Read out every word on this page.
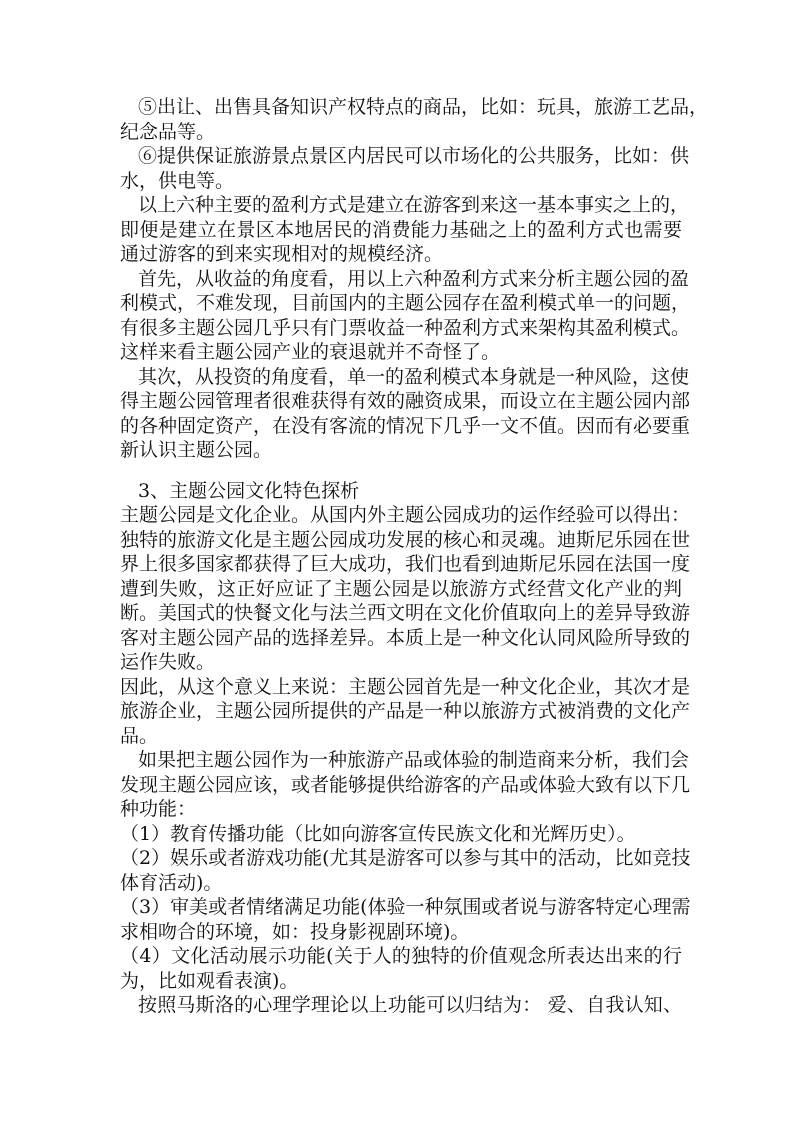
⑤出让、出售具备知识产权特点的商品，比如：玩具，旅游工艺品，
纪念品等。
⑥提供保证旅游景点景区内居民可以市场化的公共服务，比如：供
水，供电等。
以上六种主要的盈利方式是建立在游客到来这一基本事实之上的，
即便是建立在景区本地居民的消费能力基础之上的盈利方式也需要
通过游客的到来实现相对的规模经济。
首先，从收益的角度看，用以上六种盈利方式来分析主题公园的盈
利模式，不难发现，目前国内的主题公园存在盈利模式单一的问题，
有很多主题公园几乎只有门票收益一种盈利方式来架构其盈利模式。
这样来看主题公园产业的衰退就并不奇怪了。
其次，从投资的角度看，单一的盈利模式本身就是一种风险，这使
得主题公园管理者很难获得有效的融资成果，而设立在主题公园内部
的各种固定资产，在没有客流的情况下几乎一文不值。因而有必要重
新认识主题公园。
3、主题公园文化特色探析
主题公园是文化企业。从国内外主题公园成功的运作经验可以得出：
独特的旅游文化是主题公园成功发展的核心和灵魂。迪斯尼乐园在世
界上很多国家都获得了巨大成功，我们也看到迪斯尼乐园在法国一度
遭到失败，这正好应证了主题公园是以旅游方式经营文化产业的判
断。美国式的快餐文化与法兰西文明在文化价值取向上的差异导致游
客对主题公园产品的选择差异。本质上是一种文化认同风险所导致的
运作失败。
因此，从这个意义上来说：主题公园首先是一种文化企业，其次才是
旅游企业，主题公园所提供的产品是一种以旅游方式被消费的文化产
品。
如果把主题公园作为一种旅游产品或体验的制造商来分析，我们会
发现主题公园应该，或者能够提供给游客的产品或体验大致有以下几
种功能：
（1）教育传播功能（比如向游客宣传民族文化和光辉历史）。
（2）娱乐或者游戏功能(尤其是游客可以参与其中的活动，比如竞技
体育活动)。
（3）审美或者情绪满足功能(体验一种氛围或者说与游客特定心理需
求相吻合的环境，如：投身影视剧环境)。
（4）文化活动展示功能(关于人的独特的价值观念所表达出来的行
为，比如观看表演)。
按照马斯洛的心理学理论以上功能可以归结为： 爱、自我认知、
